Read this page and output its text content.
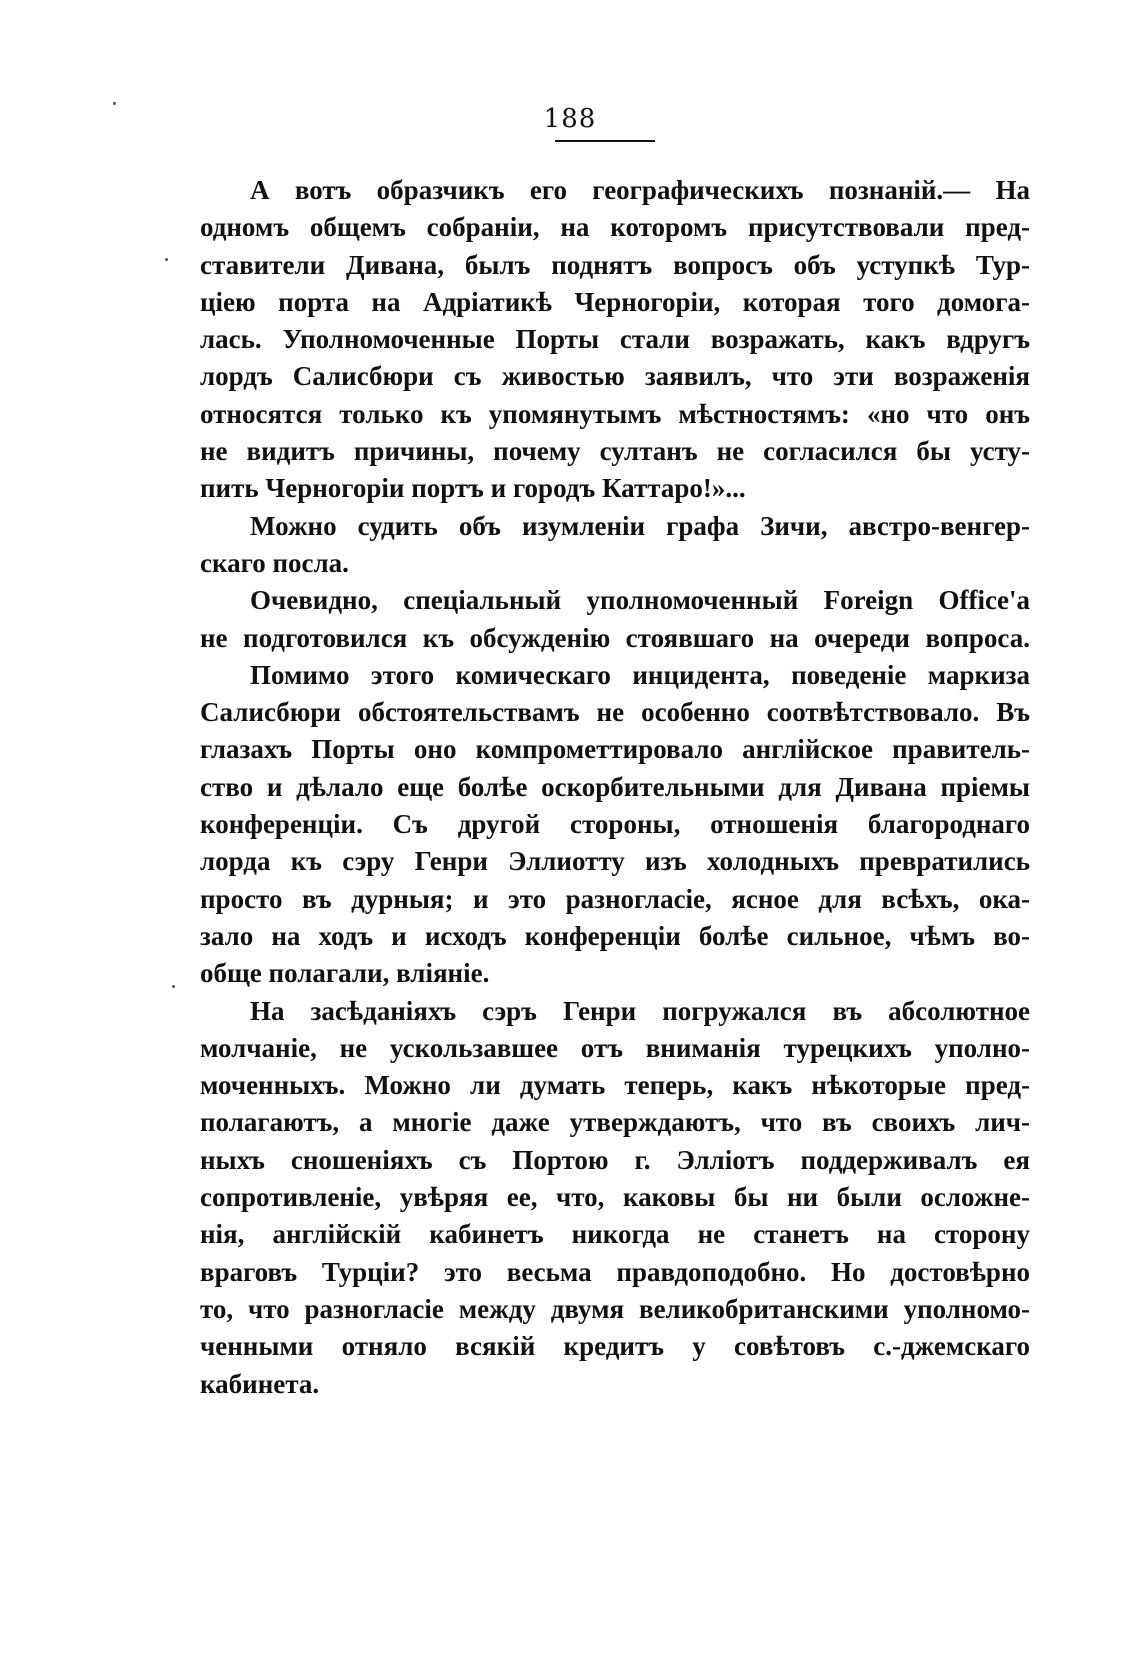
188
А вотъ образчикъ его географическихъ познаній.— На
одномъ общемъ собраніи, на которомъ присутствовали пред-
ставители Дивана, былъ поднятъ вопросъ объ уступкѣ Тур-
ціею порта на Адріатикѣ Черногоріи, которая того домога-
лась. Уполномоченные Порты стали возражать, какъ вдругъ
лордъ Салисбюри съ живостью заявилъ, что эти возраженія
относятся только къ упомянутымъ мѣстностямъ: «но что онъ
не видитъ причины, почему султанъ не согласился бы усту-
пить Черногоріи портъ и городъ Каттаро!»...
Можно судить объ изумленіи графа Зичи, австро-венгер-
скаго посла.
Очевидно, спеціальный уполномоченный Foreign Office'а
не подготовился къ обсужденію стоявшаго на очереди вопроса.
Помимо этого комическаго инцидента, поведеніе маркиза
Салисбюри обстоятельствамъ не особенно соотвѣтствовало. Въ
глазахъ Порты оно компрометтировало англійское правитель-
ство и дѣлало еще болѣе оскорбительными для Дивана пріемы
конференціи. Съ другой стороны, отношенія благороднаго
лорда къ сэру Генри Эллиотту изъ холодныхъ превратились
просто въ дурныя; и это разногласіе, ясное для всѣхъ, ока-
зало на ходъ и исходъ конференціи болѣе сильное, чѣмъ во-
обще полагали, вліяніе.
На засѣданіяхъ сэръ Генри погружался въ абсолютное
молчаніе, не ускользавшее отъ вниманія турецкихъ уполно-
моченныхъ. Можно ли думать теперь, какъ нѣкоторые пред-
полагаютъ, а многіе даже утверждаютъ, что въ своихъ лич-
ныхъ сношеніяхъ съ Портою г. Эллiотъ поддерживалъ ея
сопротивленіе, увѣряя ее, что, каковы бы ни были осложне-
нія, англійскій кабинетъ никогда не станетъ на сторону
враговъ Турціи? это весьма правдоподобно. Но достовѣрно
то, что разногласіе между двумя великобританскими уполномо-
ченными отняло всякій кредитъ у совѣтовъ с.-джемскаго
кабинета.
